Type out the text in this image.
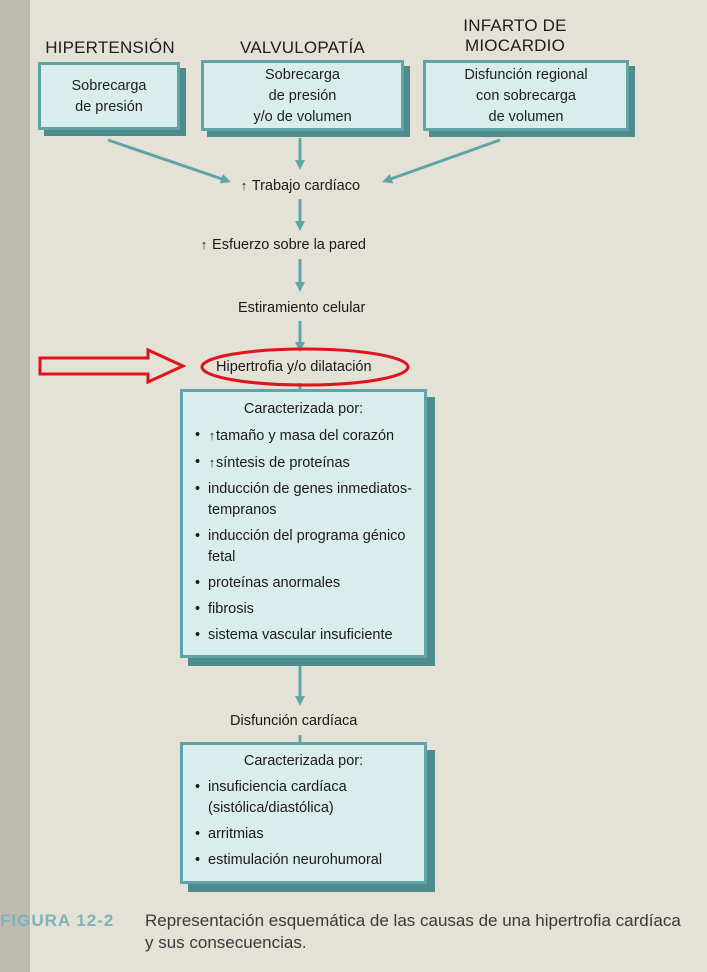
HIPERTENSIÓN	VALVULOPATÍA
INFARTO DE
MIOCARDIO
Sobrecarga
de presión
Sobrecarga
de presión
y/o de volumen
Disfunción regional
con sobrecarga
de volumen
↑ Trabajo cardíaco
↑ Esfuerzo sobre la pared
Estiramiento celular
Hipertrofia y/o dilatación
Caracterizada por:
• ↑tamaño y masa del corazón
• ↑síntesis de proteínas
• inducción de genes inmediatos-tempranos
• inducción del programa génico fetal
• proteínas anormales
• fibrosis
• sistema vascular insuficiente
Disfunción cardíaca
Caracterizada por:
• insuficiencia cardíaca (sistólica/diastólica)
• arritmias
• estimulación neurohumoral
FIGURA 12-2	Representación esquemática de las causas de una hipertrofia cardíaca y sus consecuencias.
